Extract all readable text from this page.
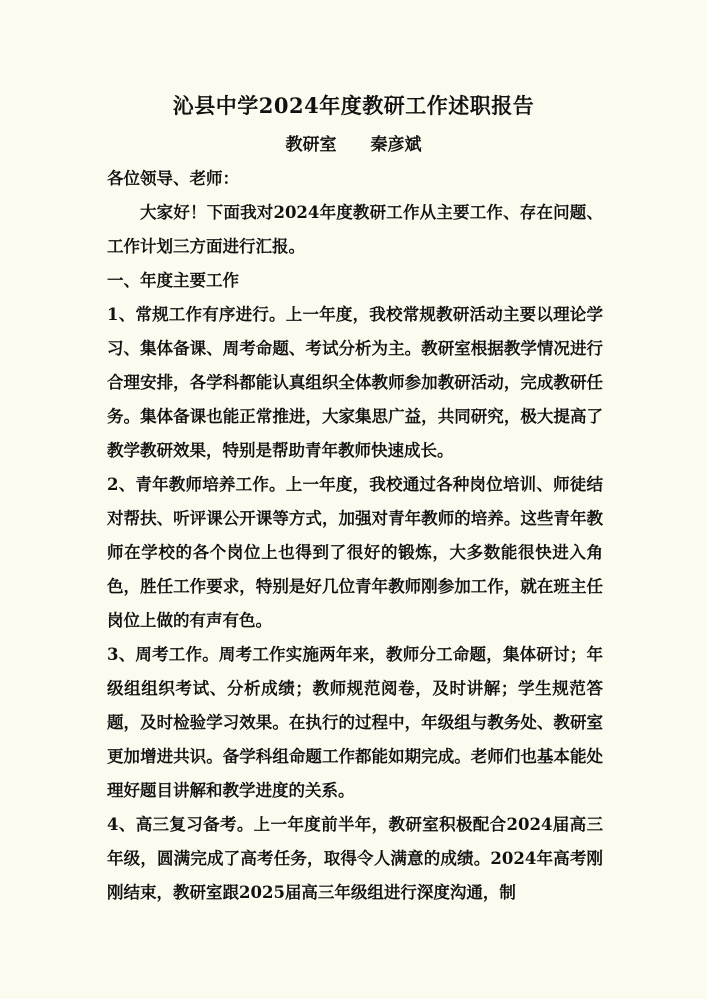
沁县中学2024年度教研工作述职报告
教研室 秦彦斌

各位领导、老师：

大家好！下面我对2024年度教研工作从主要工作、存在问题、工作计划三方面进行汇报。

一、年度主要工作

1、常规工作有序进行。上一年度，我校常规教研活动主要以理论学习、集体备课、周考命题、考试分析为主。教研室根据教学情况进行合理安排，各学科都能认真组织全体教师参加教研活动，完成教研任务。集体备课也能正常推进，大家集思广益，共同研究，极大提高了教学教研效果，特别是帮助青年教师快速成长。

2、青年教师培养工作。上一年度，我校通过各种岗位培训、师徒结对帮扶、听评课公开课等方式，加强对青年教师的培养。这些青年教师在学校的各个岗位上也得到了很好的锻炼，大多数能很快进入角色，胜任工作要求，特别是好几位青年教师刚参加工作，就在班主任岗位上做的有声有色。

3、周考工作。周考工作实施两年来，教师分工命题，集体研讨；年级组组织考试、分析成绩；教师规范阅卷，及时讲解；学生规范答题，及时检验学习效果。在执行的过程中，年级组与教务处、教研室更加增进共识。备学科组命题工作都能如期完成。老师们也基本能处理好题目讲解和教学进度的关系。

4、高三复习备考。上一年度前半年，教研室积极配合2024届高三年级，圆满完成了高考任务，取得令人满意的成绩。2024年高考刚刚结束，教研室跟2025届高三年级组进行深度沟通，制
